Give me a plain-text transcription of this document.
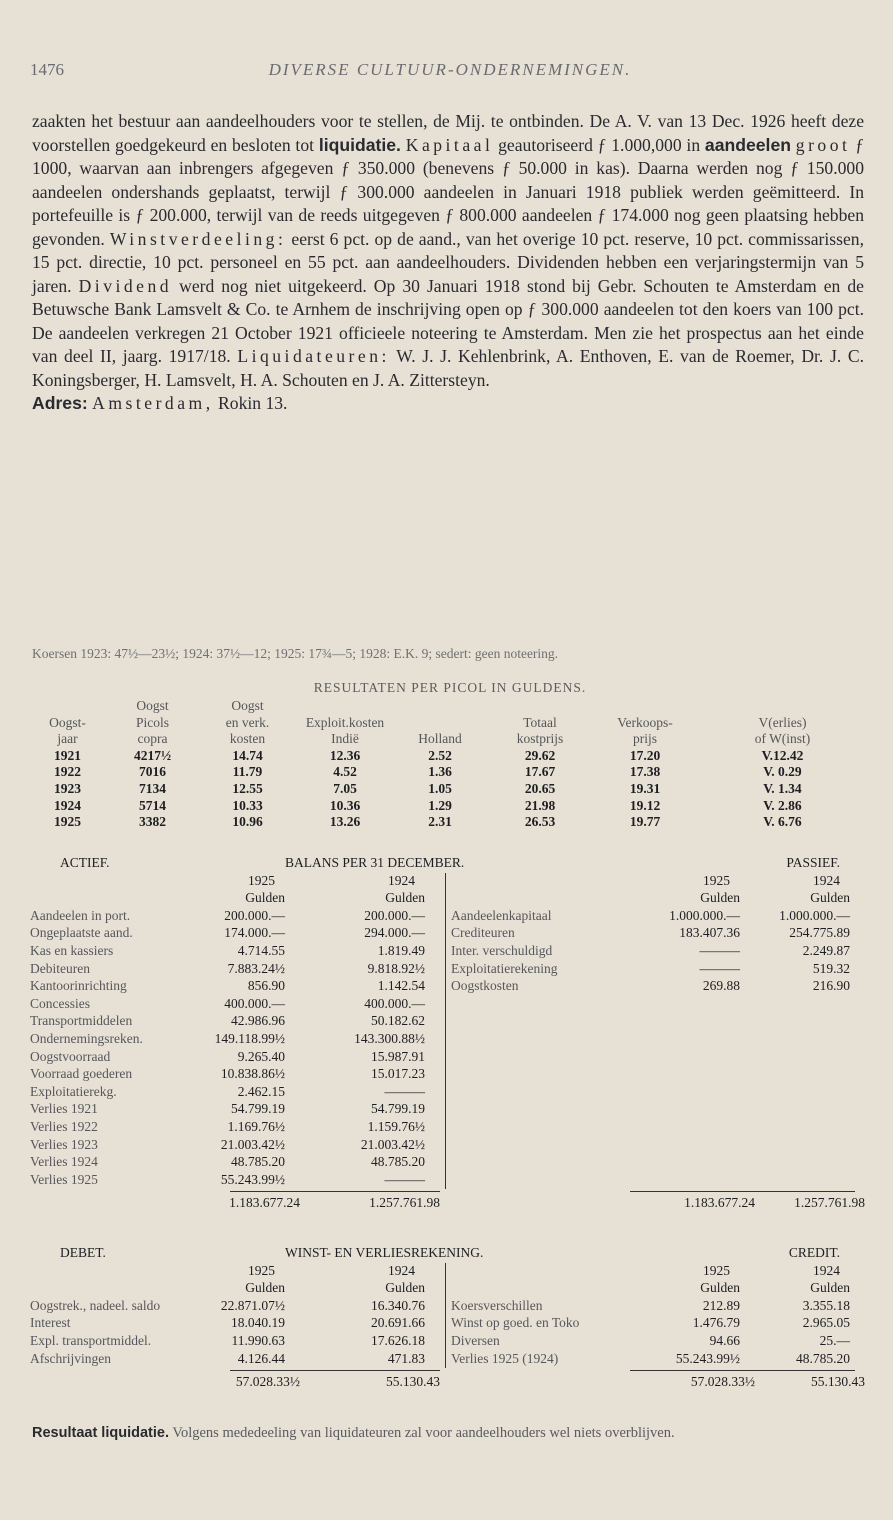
1476	DIVERSE CULTUUR-ONDERNEMINGEN.

zaakten het bestuur aan aandeelhouders voor te stellen, de Mij. te ontbinden. De A. V. van 13 Dec. 1926 heeft deze voorstellen goedgekeurd en besloten tot liquidatie. Kapitaal geautoriseerd ƒ 1.000,000 in aandeelen groot ƒ 1000, waarvan aan inbrengers afgegeven ƒ 350.000 (benevens ƒ 50.000 in kas). Daarna werden nog ƒ 150.000 aandeelen ondershands geplaatst, terwijl ƒ 300.000 aandeelen in Januari 1918 publiek werden geëmitteerd. In portefeuille is ƒ 200.000, terwijl van de reeds uitgegeven ƒ 800.000 aandeelen ƒ 174.000 nog geen plaatsing hebben gevonden. Winstverdeeling: eerst 6 pct. op de aand., van het overige 10 pct. reserve, 10 pct. commissarissen, 15 pct. directie, 10 pct. personeel en 55 pct. aan aandeelhouders. Dividenden hebben een verjaringstermijn van 5 jaren. Dividend werd nog niet uitgekeerd. Op 30 Januari 1918 stond bij Gebr. Schouten te Amsterdam en de Betuwsche Bank Lamsvelt & Co. te Arnhem de inschrijving open op ƒ 300.000 aandeelen tot den koers van 100 pct. De aandeelen verkregen 21 October 1921 officieele noteering te Amsterdam. Men zie het prospectus aan het einde van deel II, jaarg. 1917/18. Liquidateuren: W. J. J. Kehlenbrink, A. Enthoven, E. van de Roemer, Dr. J. C. Koningsberger, H. Lamsvelt, H. A. Schouten en J. A. Zittersteyn.
Adres: Amsterdam, Rokin 13.

Koersen 1923: 47½—23½; 1924: 37½—12; 1925: 17¾—5; 1928: E.K. 9; sedert: geen noteering.
RESULTATEN PER PICOL IN GULDENS.
	Oogst	Oogst					
Oogst-	Picols	en verk.	Exploit.kosten		Totaal	Verkoops-	V(erlies)
jaar	copra	kosten	Indië	Holland	kostprijs	prijs	of W(inst)
1921	4217½	14.74	12.36	2.52	29.62	17.20	V.12.42
1922	7016	11.79	4.52	1.36	17.67	17.38	V. 0.29
1923	7134	12.55	7.05	1.05	20.65	19.31	V. 1.34
1924	5714	10.33	10.36	1.29	21.98	19.12	V. 2.86
1925	3382	10.96	13.26	2.31	26.53	19.77	V. 6.76
ACTIEF.	BALANS PER 31 DECEMBER.	PASSIEF.
1925	1924	1925	1924
Gulden	Gulden	Gulden	Gulden
Aandeelen in port.	200.000.—	200.000.—
Ongeplaatste aand.	174.000.—	294.000.—
Kas en kassiers	4.714.55	1.819.49
Debiteuren	7.883.24½	9.818.92½
Kantoorinrichting	856.90	1.142.54
Concessies	400.000.—	400.000.—
Transportmiddelen	42.986.96	50.182.62
Ondernemingsreken.	149.118.99½	143.300.88½
Oogstvoorraad	9.265.40	15.987.91
Voorraad goederen	10.838.86½	15.017.23
Exploitatierekg.	2.462.15	———
Verlies 1921	54.799.19	54.799.19
Verlies 1922	1.169.76½	1.159.76½
Verlies 1923	21.003.42½	21.003.42½
Verlies 1924	48.785.20	48.785.20
Verlies 1925	55.243.99½	———
Aandeelenkapitaal	1.000.000.—	1.000.000.—
Crediteuren	183.407.36	254.775.89
Inter. verschuldigd	———	2.249.87
Exploitatierekening	———	519.32
Oogstkosten	269.88	216.90
1.183.677.24	1.257.761.98	1.183.677.24	1.257.761.98
DEBET.	WINST- EN VERLIESREKENING.	CREDIT.
1925	1924	1925	1924
Gulden	Gulden	Gulden	Gulden
Oogstrek., nadeel. saldo	22.871.07½	16.340.76
Interest	18.040.19	20.691.66
Expl. transportmiddel.	11.990.63	17.626.18
Afschrijvingen	4.126.44	471.83
Koersverschillen	212.89	3.355.18
Winst op goed. en Toko	1.476.79	2.965.05
Diversen	94.66	25.—
Verlies 1925 (1924)	55.243.99½	48.785.20
57.028.33½	55.130.43	57.028.33½	55.130.43
Resultaat liquidatie. Volgens mededeeling van liquidateuren zal voor aandeelhouders wel niets overblijven.
